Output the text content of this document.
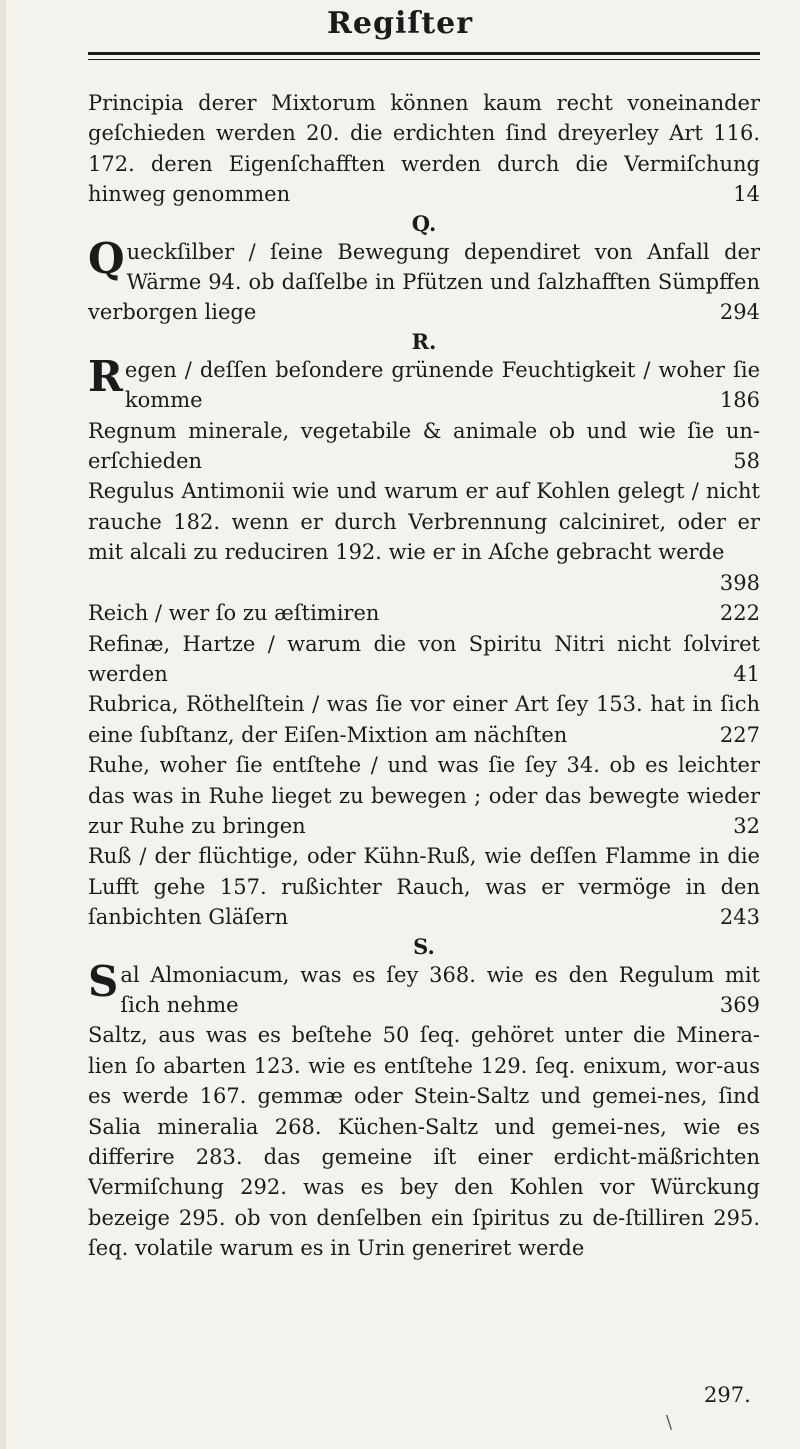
Regiſter

Principia derer Mixtorum können kaum recht voneinander geſchieden werden 20. die erdichten ſind dreyerley Art 116. 172. deren Eigenſchafften werden durch die Vermiſchung hinweg genommen	14

Q.

Queckſilber / ſeine Bewegung dependiret von Anfall der Wärme 94. ob daſſelbe in Pfützen und ſalzhafften Sümpffen verborgen liege	294

R.

Regen / deſſen beſondere grünende Feuchtigkeit / woher ſie komme	186

Regnum minerale, vegetabile & animale ob und wie ſie un-erſchieden	58

Regulus Antimonii wie und warum er auf Kohlen gelegt / nicht rauche 182. wenn er durch Verbrennung calciniret, oder er mit alcali zu reduciren 192. wie er in Aſche gebracht werde
398

Reich / wer ſo zu æſtimiren	222

Refinæ, Hartze / warum die von Spiritu Nitri nicht ſolviret werden	41

Rubrica, Röthelſtein / was ſie vor einer Art ſey 153. hat in ſich eine ſubſtanz, der Eiſen-Mixtion am nächſten	227

Ruhe, woher ſie entſtehe / und was ſie ſey 34. ob es leichter das was in Ruhe lieget zu bewegen ; oder das bewegte wieder zur Ruhe zu bringen	32

Ruß / der flüchtige, oder Kühn-Ruß, wie deſſen Flamme in die Lufft gehe 157. rußichter Rauch, was er vermöge in den ſanbichten Gläſern	243

S.

Sal Almoniacum, was es ſey 368. wie es den Regulum mit ſich nehme	369

Saltz, aus was es beſtehe 50 ſeq. gehöret unter die Minera-lien ſo abarten 123. wie es entſtehe 129. ſeq. enixum, wor-aus es werde 167. gemmæ oder Stein-Saltz und gemei-nes, ſind Salia mineralia 268. Küchen-Saltz und gemei-nes, wie es differire 283. das gemeine iſt einer erdicht-mäßrichten Vermiſchung 292. was es bey den Kohlen vor Würckung bezeige 295. ob von denſelben ein ſpiritus zu de-ſtilliren 295. ſeq. volatile warum es in Urin generiret werde

297.
\
